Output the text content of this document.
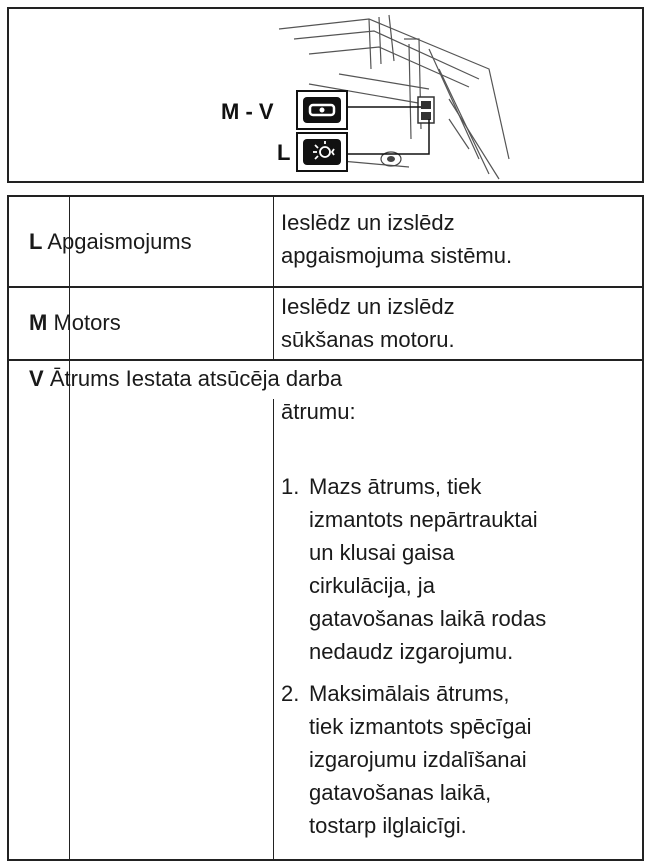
M - V
L
L Apgaismojums
Ieslēdz un izslēdz
apgaismojuma sistēmu.
M Motors
Ieslēdz un izslēdz
sūkšanas motoru.
V Ātrums Iestata atsūcēja darba
ātrumu:
1. Mazs ātrums, tiek
izmantots nepārtrauktai
un klusai gaisa
cirkulācija, ja
gatavošanas laikā rodas
nedaudz izgarojumu.
2. Maksimālais ātrums,
tiek izmantots spēcīgai
izgarojumu izdalīšanai
gatavošanas laikā,
tostarp ilglaicīgi.
